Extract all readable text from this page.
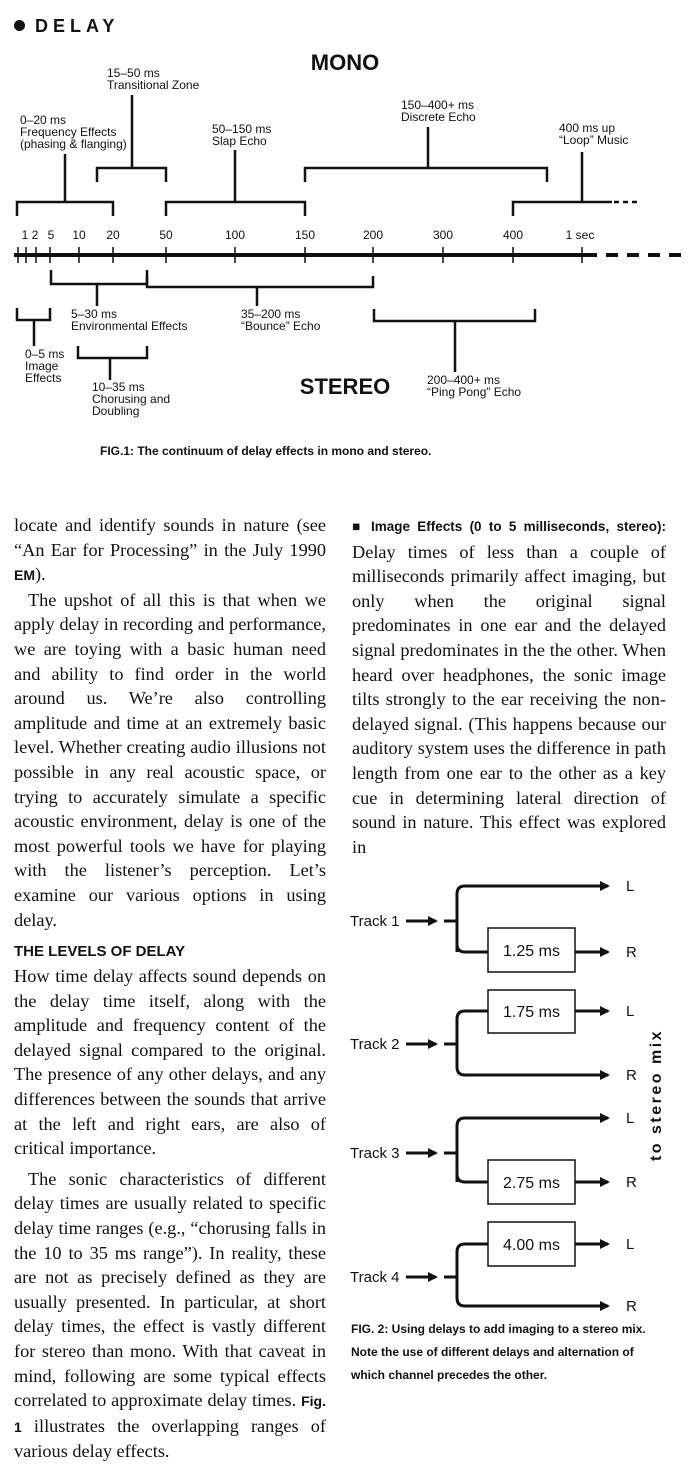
DELAY
MONO
STEREO
1 2 5 10 20	50	100	150	200	300	400	1 sec
0–20 ms
Frequency Effects
(phasing & flanging)
15–50 ms
Transitional Zone
50–150 ms
Slap Echo
150–400+ ms
Discrete Echo
400 ms up
“Loop” Music
5–30 ms
Environmental Effects
35–200 ms
“Bounce” Echo
0–5 ms
Image
Effects
10–35 ms
Chorusing and
Doubling
200–400+ ms
“Ping Pong” Echo
FIG.1: The continuum of delay effects in mono and stereo.

locate and identify sounds in nature (see “An Ear for Processing” in the July 1990 EM).

The upshot of all this is that when we apply delay in recording and performance, we are toying with a basic human need and ability to find order in the world around us. We’re also controlling amplitude and time at an extremely basic level. Whether creating audio illusions not possible in any real acoustic space, or trying to accurately simulate a specific acoustic environment, delay is one of the most powerful tools we have for playing with the listener’s perception. Let’s examine our various options in using delay.

THE LEVELS OF DELAY

How time delay affects sound depends on the delay time itself, along with the amplitude and frequency content of the delayed signal compared to the original. The presence of any other delays, and any differences between the sounds that arrive at the left and right ears, are also of critical importance.

The sonic characteristics of different delay times are usually related to specific delay time ranges (e.g., “chorusing falls in the 10 to 35 ms range”). In reality, these are not as precisely defined as they are usually presented. In particular, at short delay times, the effect is vastly different for stereo than mono. With that caveat in mind, following are some typical effects correlated to approximate delay times. Fig. 1 illustrates the overlapping ranges of various delay effects.

■ Image Effects (0 to 5 milliseconds, stereo): Delay times of less than a couple of milliseconds primarily affect imaging, but only when the original signal predominates in one ear and the delayed signal predominates in the the other. When heard over headphones, the sonic image tilts strongly to the ear receiving the non-delayed signal. (This happens because our auditory system uses the difference in path length from one ear to the other as a key cue in determining lateral direction of sound in nature. This effect was explored in

Track 1
Track 2
Track 3
Track 4
1.25 ms
1.75 ms
2.75 ms
4.00 ms
L
R
L
R
L
R
L
R
to stereo mix
FIG. 2: Using delays to add imaging to a stereo mix. Note the use of different delays and alternation of which channel precedes the other.
